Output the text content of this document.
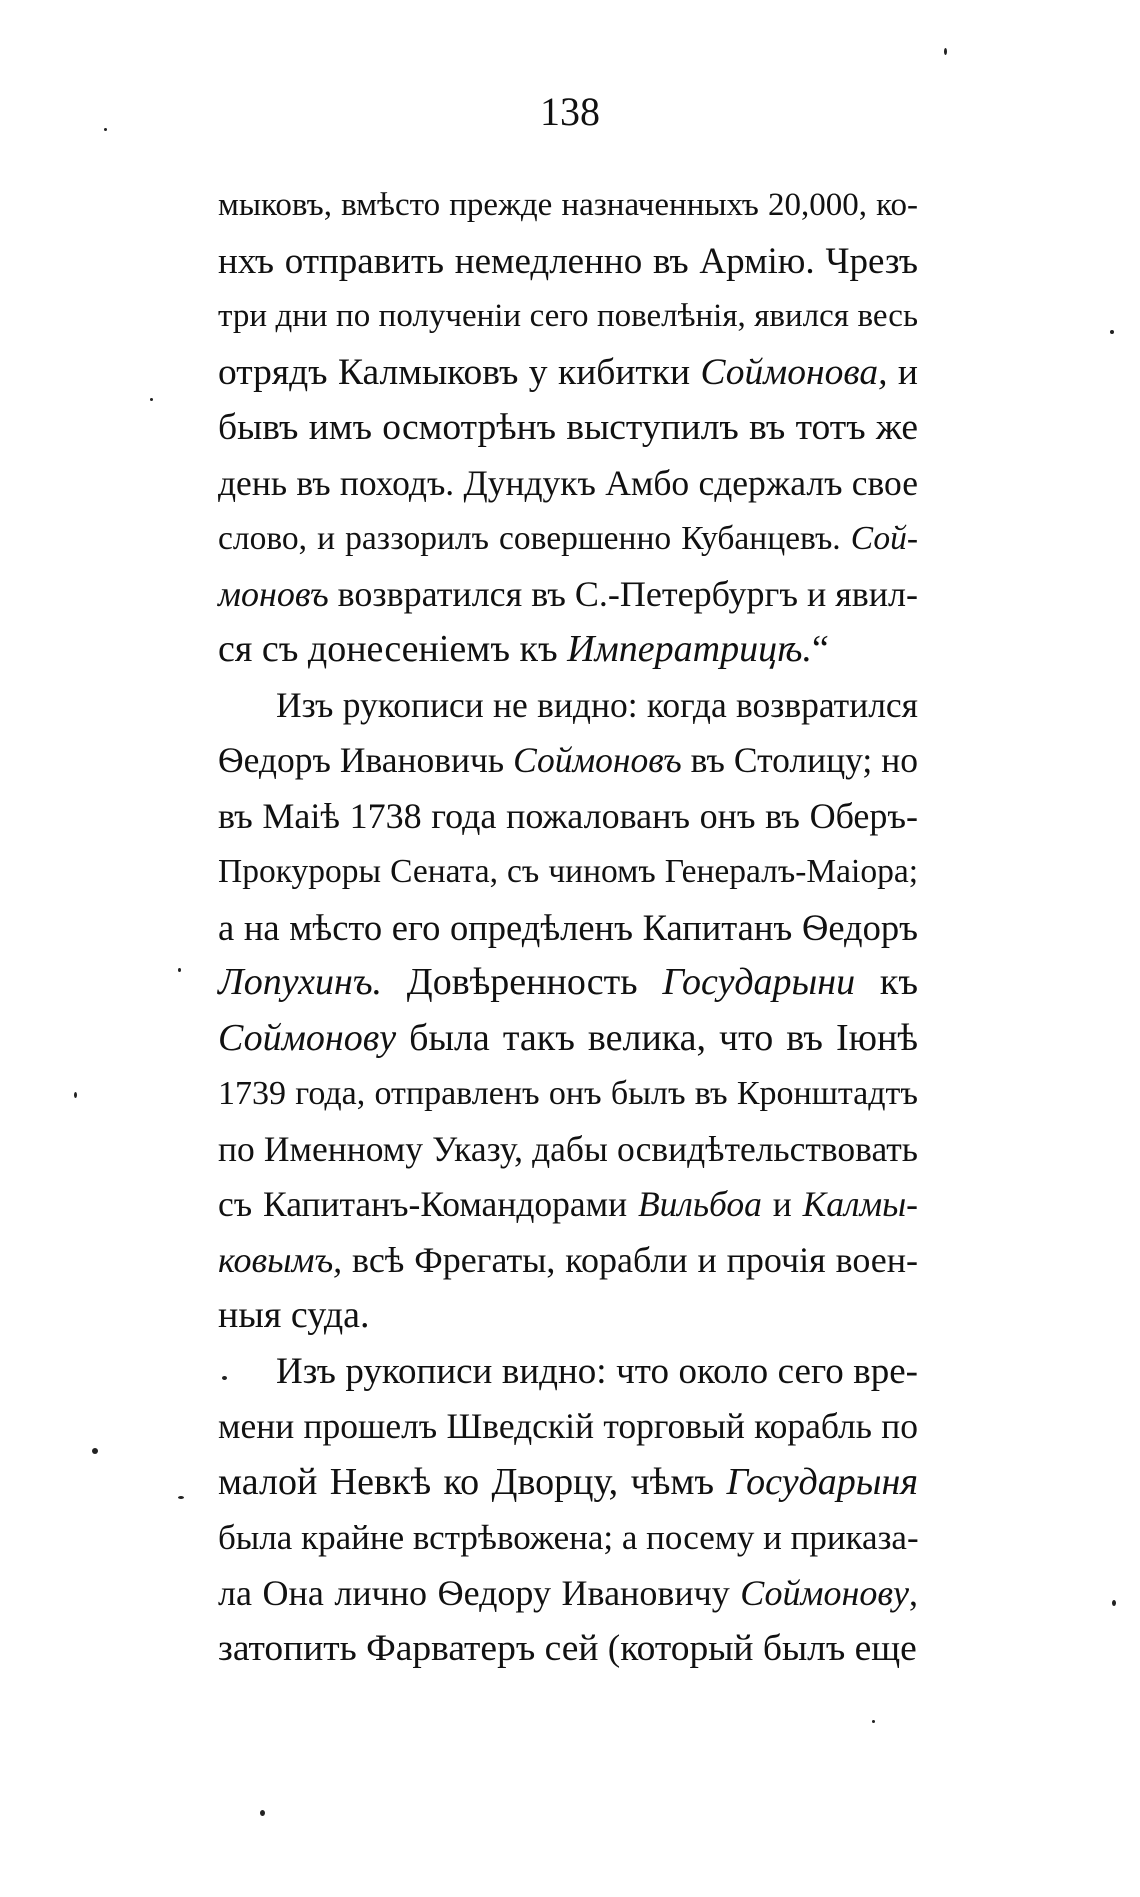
138
мыковъ, вмѣсто прежде назначенныхъ 20,000, ко-
нхъ отправить немедленно въ Армію. Чрезъ
три дни по полученіи сего повелѣнія, явился весь
отрядъ Калмыковъ у кибитки Соймонова, и
бывъ имъ осмотрѣнъ выступилъ въ тотъ же
день въ походъ. Дундукъ Амбо сдержалъ свое
слово, и раззорилъ совершенно Кубанцевъ. Сой-
моновъ возвратился въ С.-Петербургъ и явил-
ся съ донесеніемъ къ Императрицѣ.“
Изъ рукописи не видно: когда возвратился
Ѳедоръ Ивановичь Соймоновъ въ Столицу; но
въ Маіѣ 1738 года пожалованъ онъ въ Оберъ-
Прокуроры Сената, съ чиномъ Генералъ-Маіора;
а на мѣсто его опредѣленъ Капитанъ Ѳедоръ
Лопухинъ. Довѣренность Государыни къ
Соймонову была такъ велика, что въ Іюнѣ
1739 года, отправленъ онъ былъ въ Кронштадтъ
по Именному Указу, дабы освидѣтельствовать
съ Капитанъ-Командорами Вильбоа и Калмы-
ковымъ, всѣ Фрегаты, корабли и прочія воен-
ныя суда.
Изъ рукописи видно: что около сего вре-
мени прошелъ Шведскій торговый корабль по
малой Невкѣ ко Дворцу, чѣмъ Государыня
была крайне встрѣвожена; а посему и приказа-
ла Она лично Ѳедору Ивановичу Соймонову,
затопить Фарватеръ сей (который былъ еще
